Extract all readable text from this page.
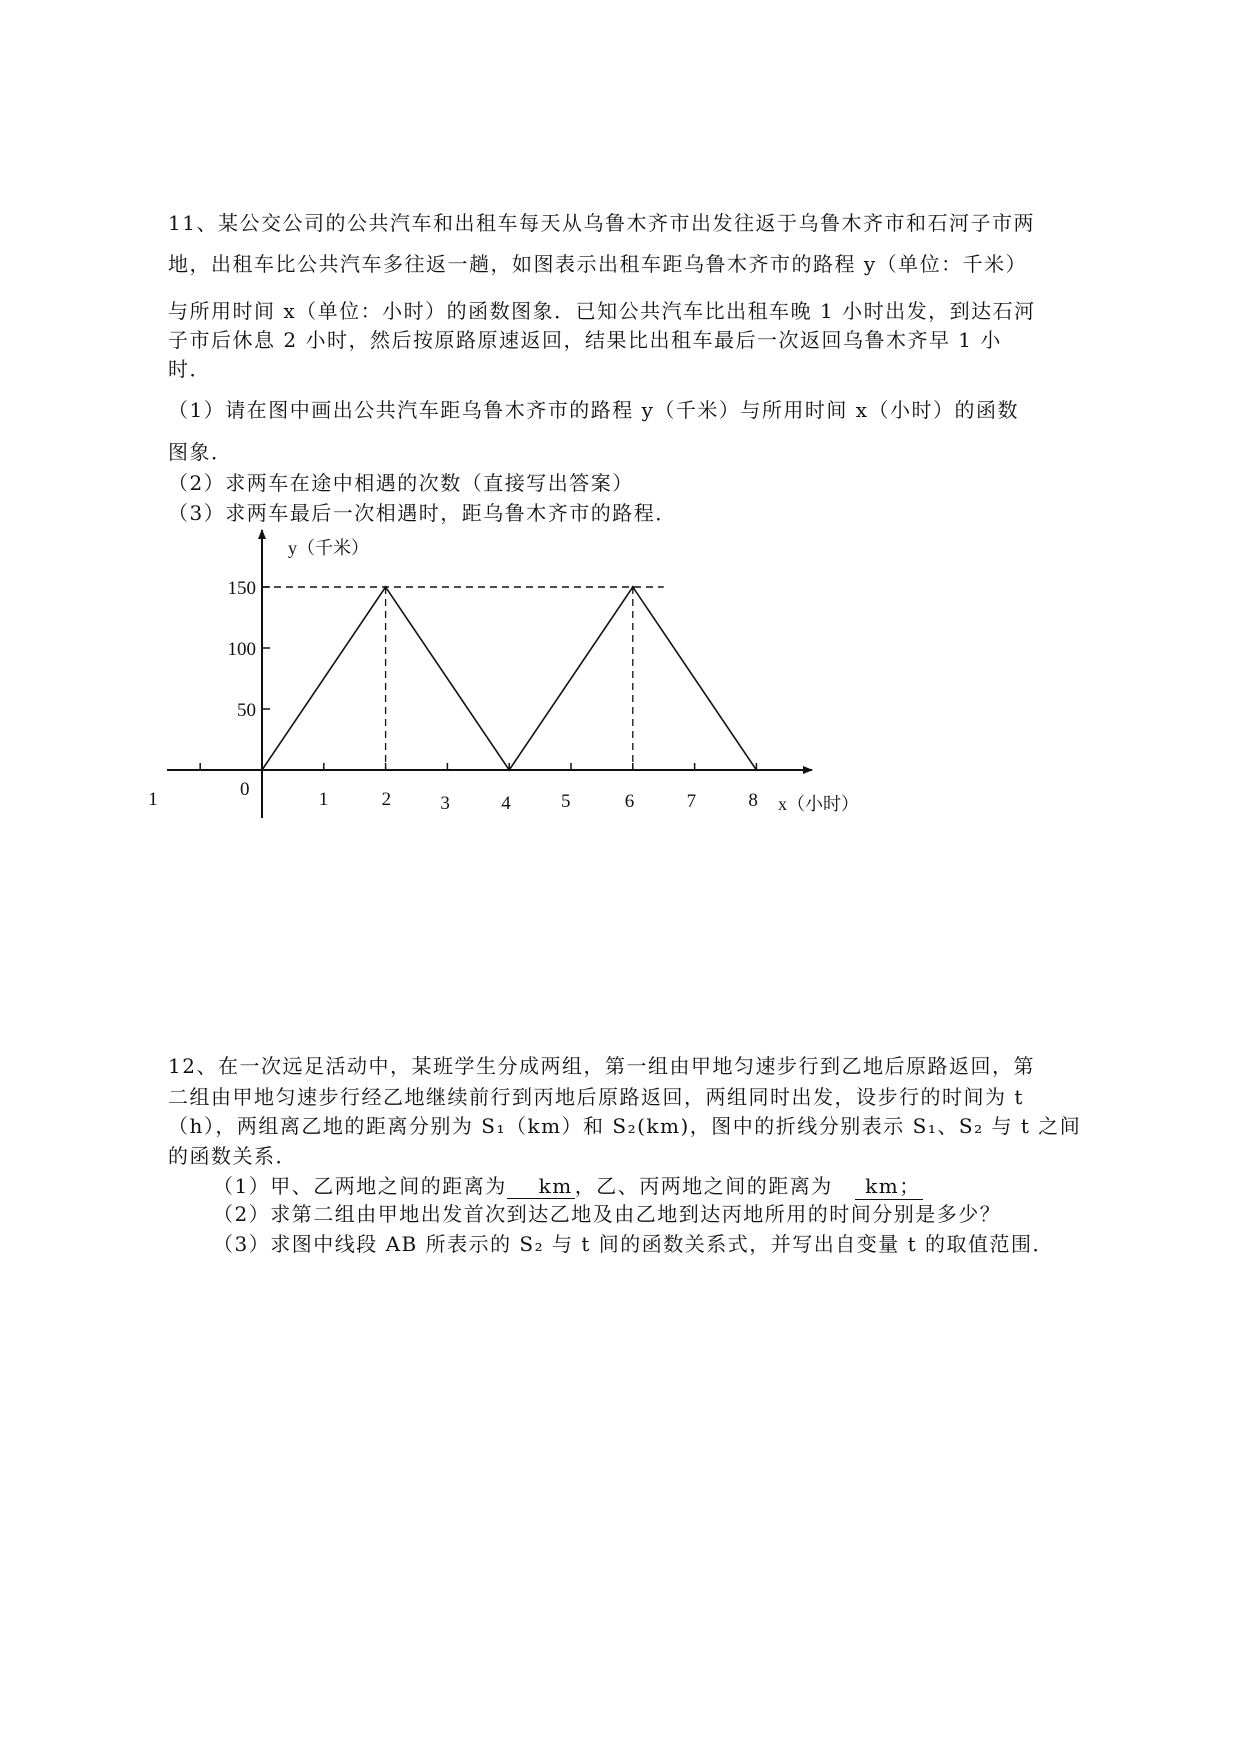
11、某公交公司的公共汽车和出租车每天从乌鲁木齐市出发往返于乌鲁木齐市和石河子市两
地，出租车比公共汽车多往返一趟，如图表示出租车距乌鲁木齐市的路程 y（单位：千米）
与所用时间 x（单位：小时）的函数图象．已知公共汽车比出租车晚 1 小时出发，到达石河
子市后休息 2 小时，然后按原路原速返回，结果比出租车最后一次返回乌鲁木齐早 1 小
时．
（1）请在图中画出公共汽车距乌鲁木齐市的路程 y（千米）与所用时间 x（小时）的函数
图象．
（2）求两车在途中相遇的次数（直接写出答案）
（3）求两车最后一次相遇时，距乌鲁木齐市的路程．
1	1	2	3	4	5	6	7	8
50
100
150
0
y（千米）
x（小时）
12、在一次远足活动中，某班学生分成两组，第一组由甲地匀速步行到乙地后原路返回，第
二组由甲地匀速步行经乙地继续前行到丙地后原路返回，两组同时出发，设步行的时间为 t
（h），两组离乙地的距离分别为 S₁（km）和 S₂(km)，图中的折线分别表示 S₁、S₂ 与 t 之间
的函数关系．
（1）甲、乙两地之间的距离为 km ，乙、丙两地之间的距离为 km；
（2）求第二组由甲地出发首次到达乙地及由乙地到达丙地所用的时间分别是多少？
（3）求图中线段 AB 所表示的 S₂ 与 t 间的函数关系式，并写出自变量 t 的取值范围．
